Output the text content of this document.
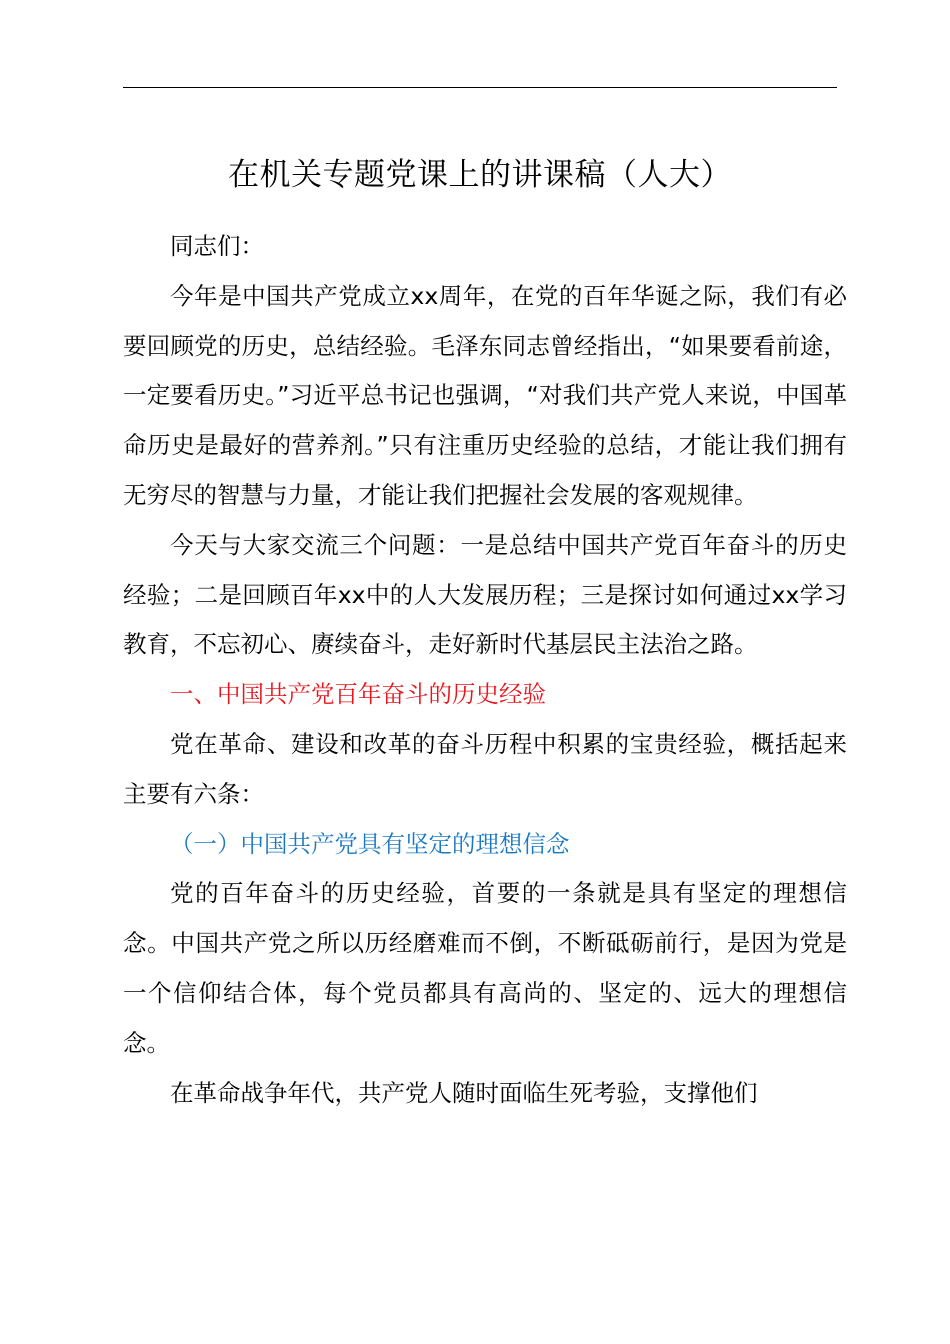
在机关专题党课上的讲课稿（人大）

同志们：

今年是中国共产党成立xx周年，在党的百年华诞之际，我们有必要回顾党的历史，总结经验。毛泽东同志曾经指出，“如果要看前途，一定要看历史。”习近平总书记也强调，“对我们共产党人来说，中国革命历史是最好的营养剂。”只有注重历史经验的总结，才能让我们拥有无穷尽的智慧与力量，才能让我们把握社会发展的客观规律。

今天与大家交流三个问题：一是总结中国共产党百年奋斗的历史经验；二是回顾百年xx中的人大发展历程；三是探讨如何通过xx学习教育，不忘初心、赓续奋斗，走好新时代基层民主法治之路。

一、中国共产党百年奋斗的历史经验

党在革命、建设和改革的奋斗历程中积累的宝贵经验，概括起来主要有六条：

（一）中国共产党具有坚定的理想信念

党的百年奋斗的历史经验，首要的一条就是具有坚定的理想信念。中国共产党之所以历经磨难而不倒，不断砥砺前行，是因为党是一个信仰结合体，每个党员都具有高尚的、坚定的、远大的理想信念。

在革命战争年代，共产党人随时面临生死考验，支撑他们
